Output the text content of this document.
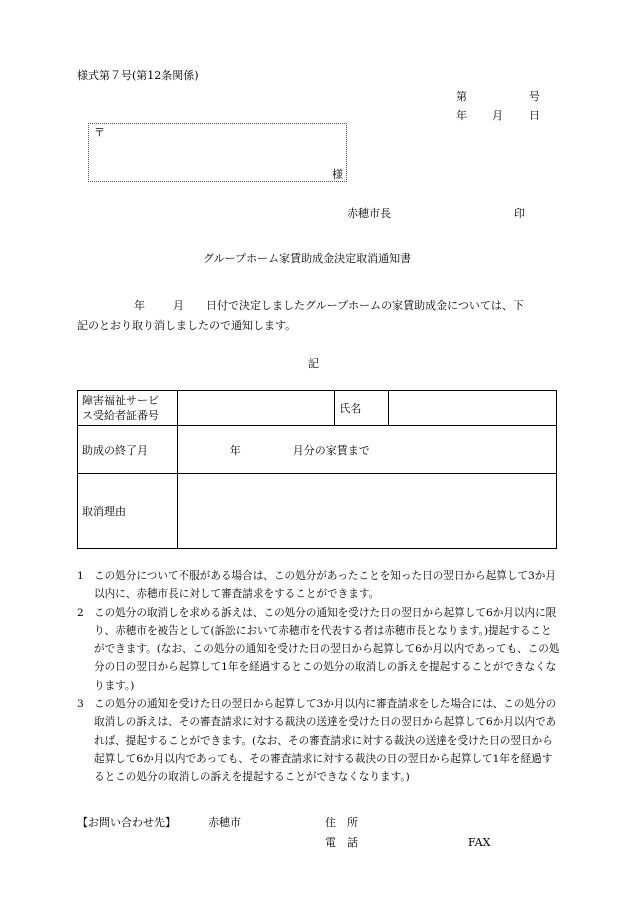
様式第７号(第12条関係)
第	号
年 月 日
〒
様
赤穂市長	印
グループホーム家賃助成金決定取消通知書
年	月 日付で決定しましたグループホームの家賃助成金については、下
記のとおり取り消しましたので通知します。
記
障害福祉サービ
ス受給者証番号		氏名	
助成の終了月	年 月分の家賃まで		
取消理由			
1 この処分について不服がある場合は、この処分があったことを知った日の翌日から起算して3か月以内に、赤穂市長に対して審査請求をすることができます。
2 この処分の取消しを求める訴えは、この処分の通知を受けた日の翌日から起算して6か月以内に限り、赤穂市を被告として(訴訟において赤穂市を代表する者は赤穂市長となります。)提起することができます。(なお、この処分の通知を受けた日の翌日から起算して6か月以内であっても、この処分の日の翌日から起算して1年を経過するとこの処分の取消しの訴えを提起することができなくなります。)
3 この処分の通知を受けた日の翌日から起算して3か月以内に審査請求をした場合には、この処分の取消しの訴えは、その審査請求に対する裁決の送達を受けた日の翌日から起算して6か月以内であれば、提起することができます。(なお、その審査請求に対する裁決の送達を受けた日の翌日から起算して6か月以内であっても、その審査請求に対する裁決の日の翌日から起算して1年を経過するとこの処分の取消しの訴えを提起することができなくなります。)
【お問い合わせ先】	赤穂市	住　所
電　話	FAX
